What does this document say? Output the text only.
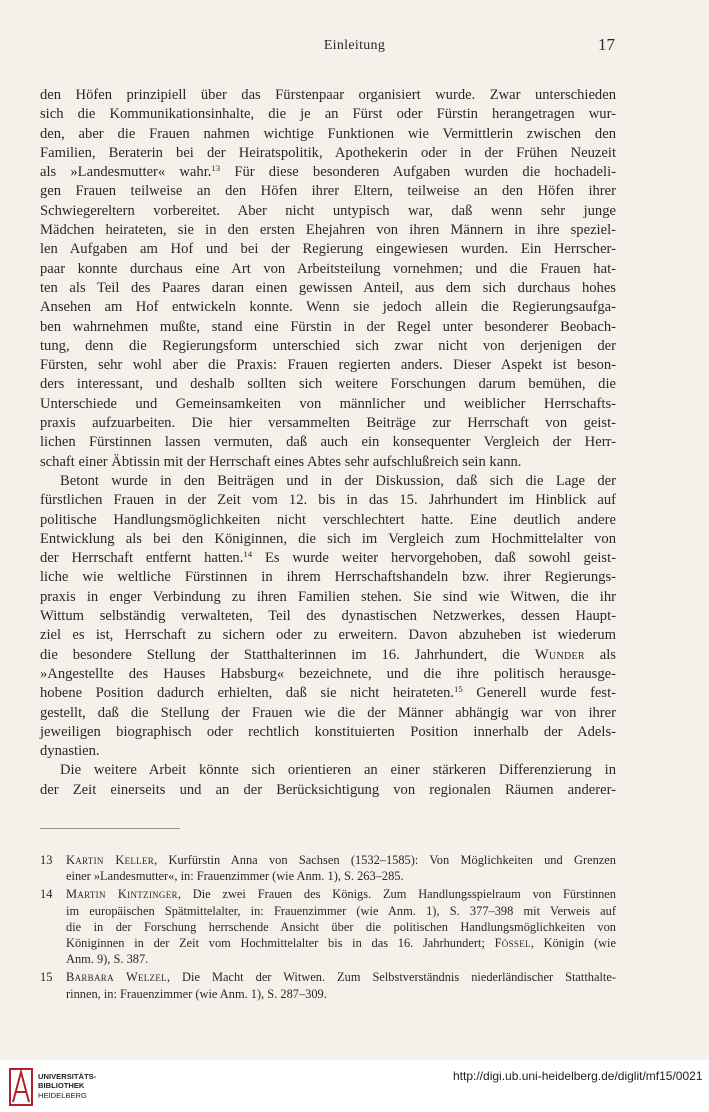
Einleitung	17
den Höfen prinzipiell über das Fürstenpaar organisiert wurde. Zwar unterschieden
sich die Kommunikationsinhalte, die je an Fürst oder Fürstin herangetragen wur-
den, aber die Frauen nahmen wichtige Funktionen wie Vermittlerin zwischen den
Familien, Beraterin bei der Heiratspolitik, Apothekerin oder in der Frühen Neuzeit
als »Landesmutter« wahr.$^{13}$ Für diese besonderen Aufgaben wurden die hochadeli-
gen Frauen teilweise an den Höfen ihrer Eltern, teilweise an den Höfen ihrer
Schwiegereltern vorbereitet. Aber nicht untypisch war, daß wenn sehr junge
Mädchen heirateten, sie in den ersten Ehejahren von ihren Männern in ihre speziel-
len Aufgaben am Hof und bei der Regierung eingewiesen wurden. Ein Herrscher-
paar konnte durchaus eine Art von Arbeitsteilung vornehmen; und die Frauen hat-
ten als Teil des Paares daran einen gewissen Anteil, aus dem sich durchaus hohes
Ansehen am Hof entwickeln konnte. Wenn sie jedoch allein die Regierungsaufga-
ben wahrnehmen mußte, stand eine Fürstin in der Regel unter besonderer Beobach-
tung, denn die Regierungsform unterschied sich zwar nicht von derjenigen der
Fürsten, sehr wohl aber die Praxis: Frauen regierten anders. Dieser Aspekt ist beson-
ders interessant, und deshalb sollten sich weitere Forschungen darum bemühen, die
Unterschiede und Gemeinsamkeiten von männlicher und weiblicher Herrschafts-
praxis aufzuarbeiten. Die hier versammelten Beiträge zur Herrschaft von geist-
lichen Fürstinnen lassen vermuten, daß auch ein konsequenter Vergleich der Herr-
schaft einer Äbtissin mit der Herrschaft eines Abtes sehr aufschlußreich sein kann.
Betont wurde in den Beiträgen und in der Diskussion, daß sich die Lage der
fürstlichen Frauen in der Zeit vom 12. bis in das 15. Jahrhundert im Hinblick auf
politische Handlungsmöglichkeiten nicht verschlechtert hatte. Eine deutlich andere
Entwicklung als bei den Königinnen, die sich im Vergleich zum Hochmittelalter von
der Herrschaft entfernt hatten.$^{14}$ Es wurde weiter hervorgehoben, daß sowohl geist-
liche wie weltliche Fürstinnen in ihrem Herrschaftshandeln bzw. ihrer Regierungs-
praxis in enger Verbindung zu ihren Familien stehen. Sie sind wie Witwen, die ihr
Wittum selbständig verwalteten, Teil des dynastischen Netzwerkes, dessen Haupt-
ziel es ist, Herrschaft zu sichern oder zu erweitern. Davon abzuheben ist wiederum
die besondere Stellung der Statthalterinnen im 16. Jahrhundert, die Wunder als
»Angestellte des Hauses Habsburg« bezeichnete, und die ihre politisch herausge-
hobene Position dadurch erhielten, daß sie nicht heirateten.$^{15}$ Generell wurde fest-
gestellt, daß die Stellung der Frauen wie die der Männer abhängig war von ihrer
jeweiligen biographisch oder rechtlich konstituierten Position innerhalb der Adels-
dynastien.
Die weitere Arbeit könnte sich orientieren an einer stärkeren Differenzierung in
der Zeit einerseits und an der Berücksichtigung von regionalen Räumen anderer-
13	Kartin Keller, Kurfürstin Anna von Sachsen (1532–1585): Von Möglichkeiten und Grenzen
einer »Landesmutter«, in: Frauenzimmer (wie Anm. 1), S. 263–285.
14	Martin Kintzinger, Die zwei Frauen des Königs. Zum Handlungsspielraum von Fürstinnen
im europäischen Spätmittelalter, in: Frauenzimmer (wie Anm. 1), S. 377–398 mit Verweis auf
die in der Forschung herrschende Ansicht über die politischen Handlungsmöglichkeiten von
Königinnen in der Zeit vom Hochmittelalter bis in das 16. Jahrhundert; Fössel, Königin (wie
Anm. 9), S. 387.
15	Barbara Welzel, Die Macht der Witwen. Zum Selbstverständnis niederländischer Statthalte-
rinnen, in: Frauenzimmer (wie Anm. 1), S. 287–309.
UNIVERSITÄTS-
BIBLIOTHEK
HEIDELBERG
http://digi.ub.uni-heidelberg.de/diglit/mf15/0021
